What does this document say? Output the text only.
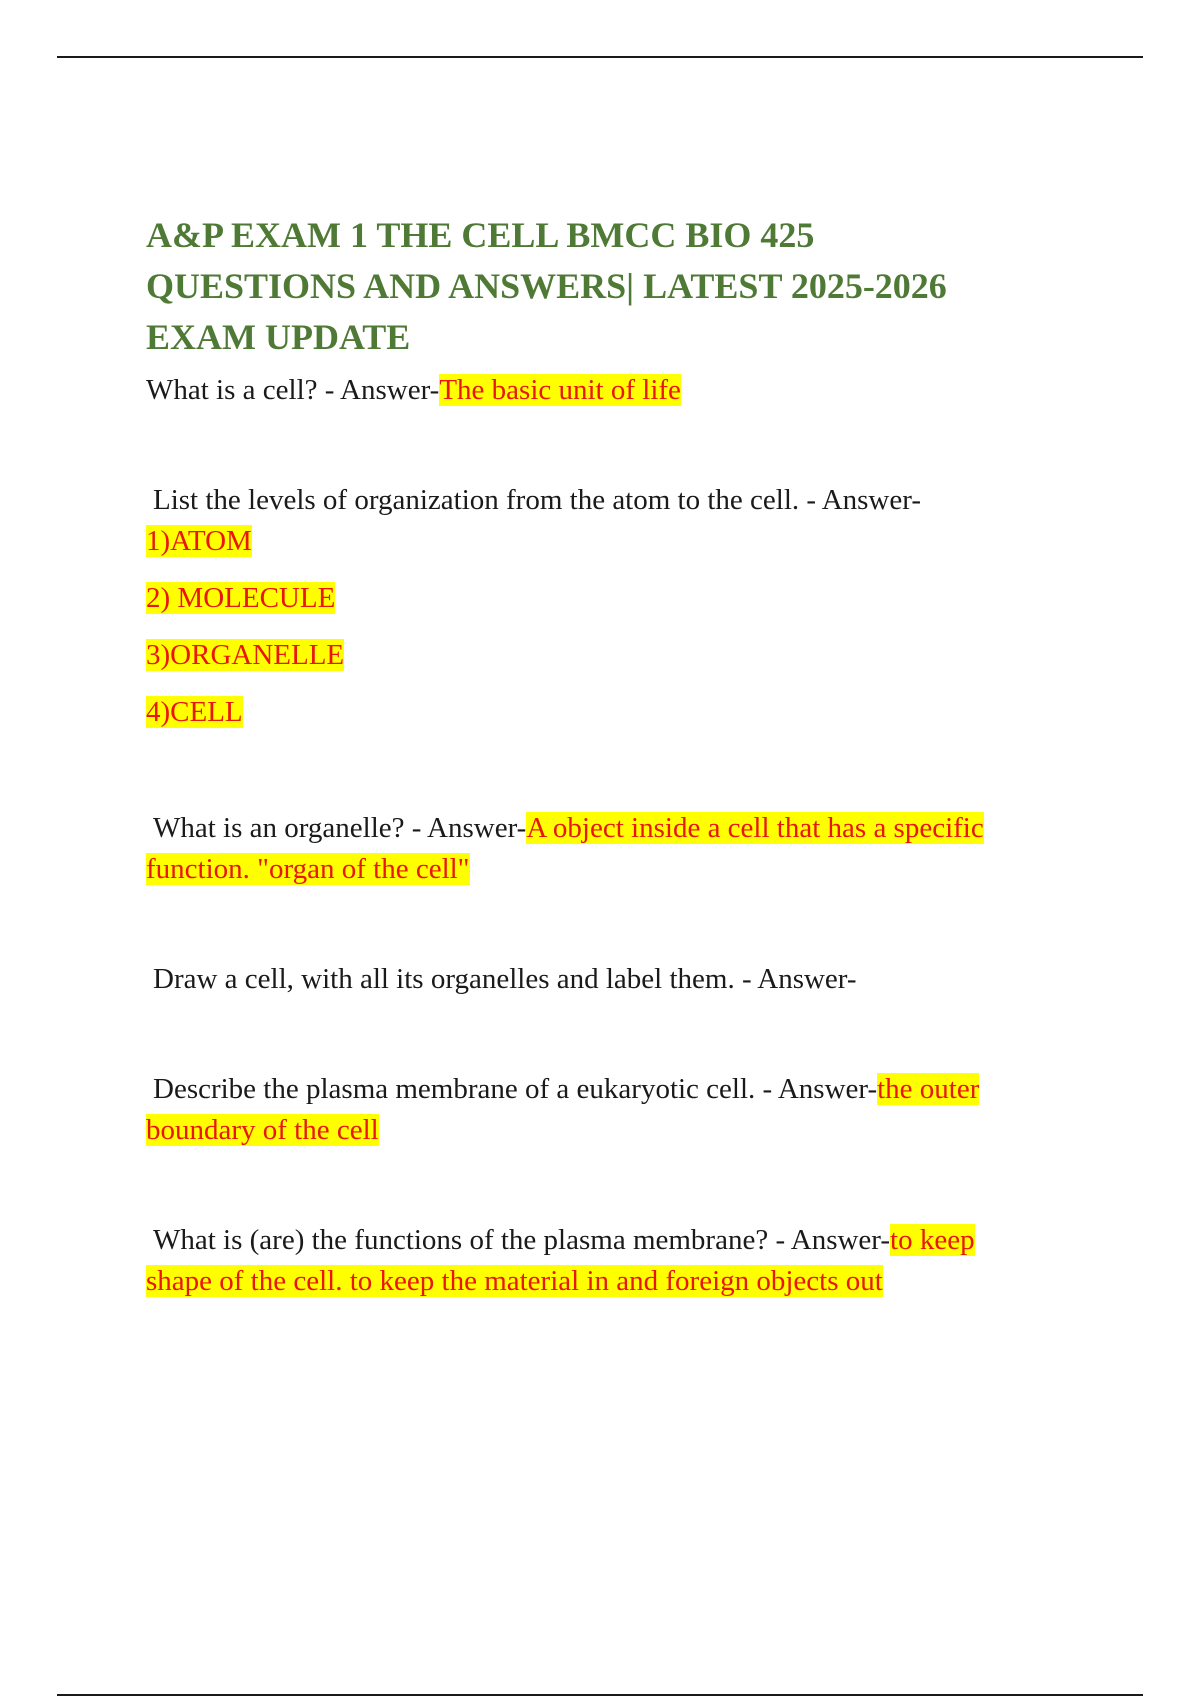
A&P EXAM 1 THE CELL BMCC BIO 425
QUESTIONS AND ANSWERS| LATEST 2025-2026
EXAM UPDATE

What is a cell? - Answer-The basic unit of life

List the levels of organization from the atom to the cell. - Answer-

1)ATOM
2) MOLECULE
3)ORGANELLE
4)CELL

What is an organelle? - Answer-A object inside a cell that has a specific

function. "organ of the cell"

Draw a cell, with all its organelles and label them. - Answer-

Describe the plasma membrane of a eukaryotic cell. - Answer-the outer

boundary of the cell

What is (are) the functions of the plasma membrane? - Answer-to keep

shape of the cell. to keep the material in and foreign objects out
